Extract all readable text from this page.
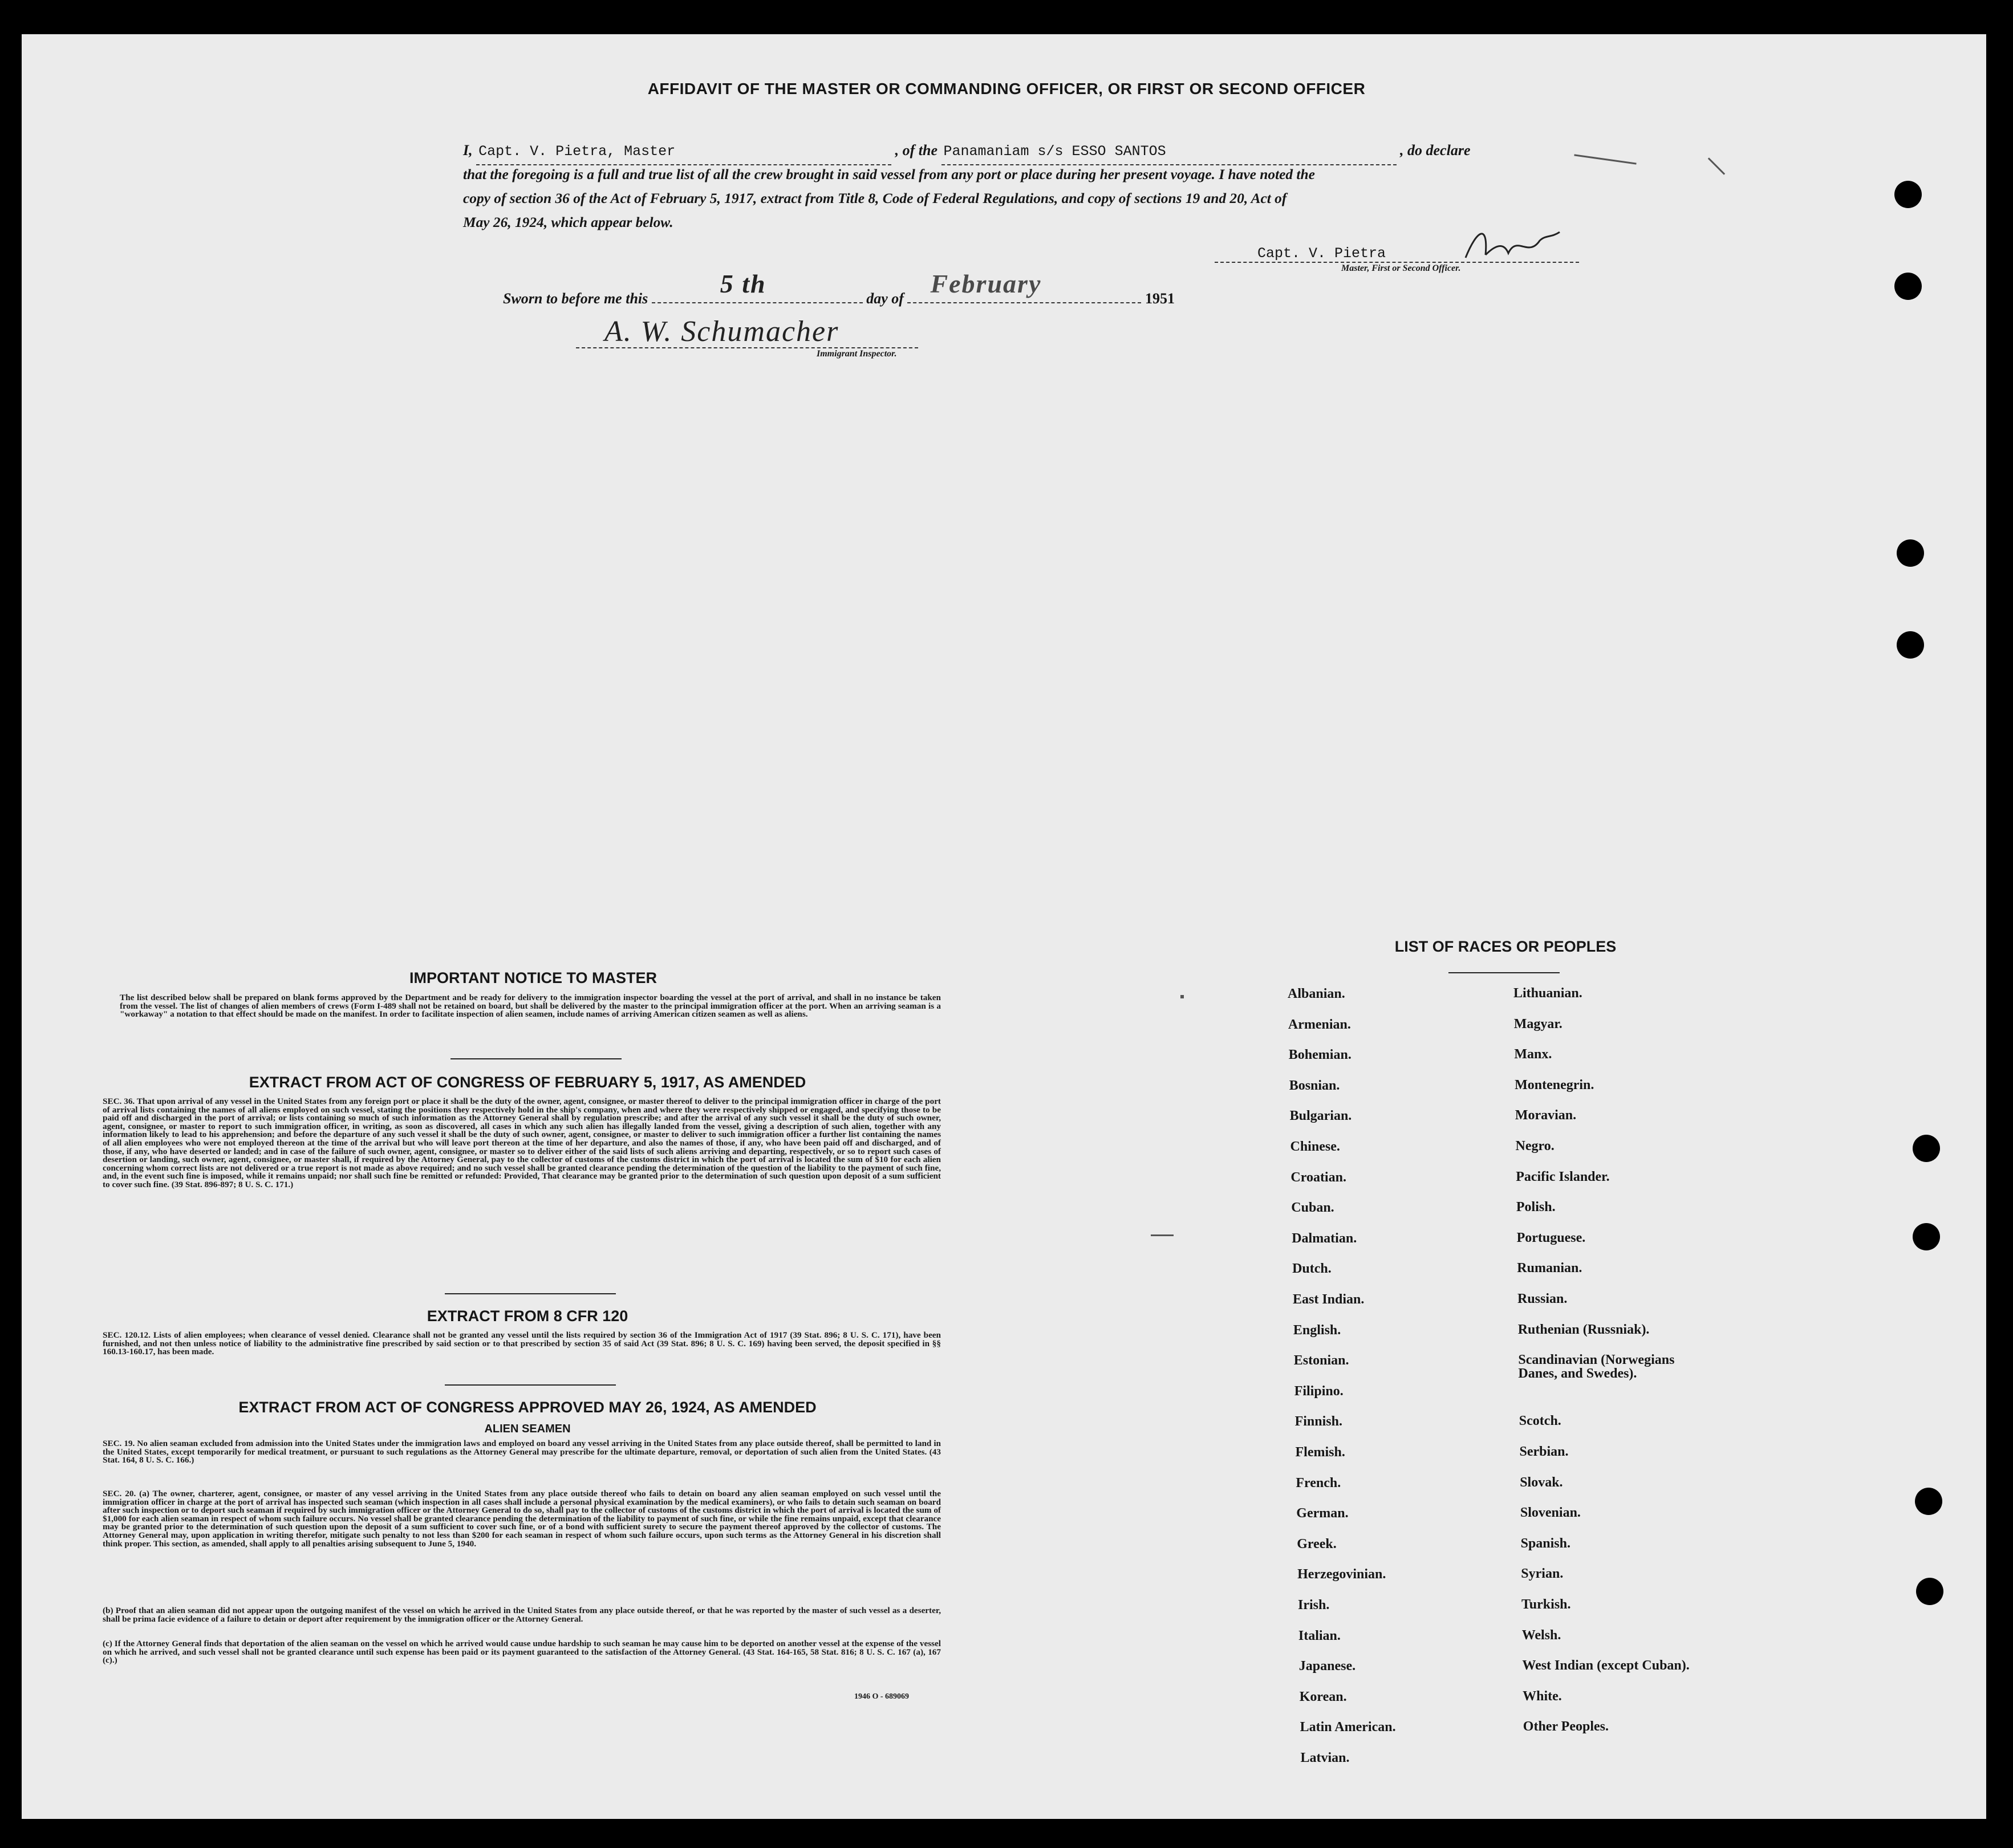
AFFIDAVIT OF THE MASTER OR COMMANDING OFFICER, OR FIRST OR SECOND OFFICER
I, Capt. V. Pietra, Master	, of the Panamaniam s/s ESSO SANTOS	, do declare
that the foregoing is a full and true list of all the crew brought in said vessel from any port or place during her present voyage. I have noted the
copy of section 36 of the Act of February 5, 1917, extract from Title 8, Code of Federal Regulations, and copy of sections 19 and 20, Act of
May 26, 1924, which appear below.
Capt. V. Pietra
Master, First or Second Officer.
Sworn to before me this
5 th
day of
February
1951
A. W. Schumacher
Immigrant Inspector.
IMPORTANT NOTICE TO MASTER
The list described below shall be prepared on blank forms approved by the Department and be ready for delivery to the immigration inspector boarding the vessel at the port of arrival, and shall in no instance be taken from the vessel. The list of changes of alien members of crews (Form I-489 shall not be retained on board, but shall be delivered by the master to the principal immigration officer at the port. When an arriving seaman is a "workaway" a notation to that effect should be made on the manifest. In order to facilitate inspection of alien seamen, include names of arriving American citizen seamen as well as aliens.
EXTRACT FROM ACT OF CONGRESS OF FEBRUARY 5, 1917, AS AMENDED
SEC. 36. That upon arrival of any vessel in the United States from any foreign port or place it shall be the duty of the owner, agent, consignee, or master thereof to deliver to the principal immigration officer in charge of the port of arrival lists containing the names of all aliens employed on such vessel, stating the positions they respectively hold in the ship's company, when and where they were respectively shipped or engaged, and specifying those to be paid off and discharged in the port of arrival; or lists containing so much of such information as the Attorney General shall by regulation prescribe; and after the arrival of any such vessel it shall be the duty of such owner, agent, consignee, or master to report to such immigration officer, in writing, as soon as discovered, all cases in which any such alien has illegally landed from the vessel, giving a description of such alien, together with any information likely to lead to his apprehension; and before the departure of any such vessel it shall be the duty of such owner, agent, consignee, or master to deliver to such immigration officer a further list containing the names of all alien employees who were not employed thereon at the time of the arrival but who will leave port thereon at the time of her departure, and also the names of those, if any, who have been paid off and discharged, and of those, if any, who have deserted or landed; and in case of the failure of such owner, agent, consignee, or master so to deliver either of the said lists of such aliens arriving and departing, respectively, or so to report such cases of desertion or landing, such owner, agent, consignee, or master shall, if required by the Attorney General, pay to the collector of customs of the customs district in which the port of arrival is located the sum of $10 for each alien concerning whom correct lists are not delivered or a true report is not made as above required; and no such vessel shall be granted clearance pending the determination of the question of the liability to the payment of such fine, and, in the event such fine is imposed, while it remains unpaid; nor shall such fine be remitted or refunded: Provided, That clearance may be granted prior to the determination of such question upon deposit of a sum sufficient to cover such fine. (39 Stat. 896-897; 8 U. S. C. 171.)
EXTRACT FROM 8 CFR 120
SEC. 120.12. Lists of alien employees; when clearance of vessel denied. Clearance shall not be granted any vessel until the lists required by section 36 of the Immigration Act of 1917 (39 Stat. 896; 8 U. S. C. 171), have been furnished, and not then unless notice of liability to the administrative fine prescribed by said section or to that prescribed by section 35 of said Act (39 Stat. 896; 8 U. S. C. 169) having been served, the deposit specified in §§ 160.13-160.17, has been made.
EXTRACT FROM ACT OF CONGRESS APPROVED MAY 26, 1924, AS AMENDED
ALIEN SEAMEN
SEC. 19. No alien seaman excluded from admission into the United States under the immigration laws and employed on board any vessel arriving in the United States from any place outside thereof, shall be permitted to land in the United States, except temporarily for medical treatment, or pursuant to such regulations as the Attorney General may prescribe for the ultimate departure, removal, or deportation of such alien from the United States. (43 Stat. 164, 8 U. S. C. 166.)
SEC. 20. (a) The owner, charterer, agent, consignee, or master of any vessel arriving in the United States from any place outside thereof who fails to detain on board any alien seaman employed on such vessel until the immigration officer in charge at the port of arrival has inspected such seaman (which inspection in all cases shall include a personal physical examination by the medical examiners), or who fails to detain such seaman on board after such inspection or to deport such seaman if required by such immigration officer or the Attorney General to do so, shall pay to the collector of customs of the customs district in which the port of arrival is located the sum of $1,000 for each alien seaman in respect of whom such failure occurs. No vessel shall be granted clearance pending the determination of the liability to payment of such fine, or while the fine remains unpaid, except that clearance may be granted prior to the determination of such question upon the deposit of a sum sufficient to cover such fine, or of a bond with sufficient surety to secure the payment thereof approved by the collector of customs. The Attorney General may, upon application in writing therefor, mitigate such penalty to not less than $200 for each seaman in respect of whom such failure occurs, upon such terms as the Attorney General in his discretion shall think proper. This section, as amended, shall apply to all penalties arising subsequent to June 5, 1940.
(b) Proof that an alien seaman did not appear upon the outgoing manifest of the vessel on which he arrived in the United States from any place outside thereof, or that he was reported by the master of such vessel as a deserter, shall be prima facie evidence of a failure to detain or deport after requirement by the immigration officer or the Attorney General.
(c) If the Attorney General finds that deportation of the alien seaman on the vessel on which he arrived would cause undue hardship to such seaman he may cause him to be deported on another vessel at the expense of the vessel on which he arrived, and such vessel shall not be granted clearance until such expense has been paid or its payment guaranteed to the satisfaction of the Attorney General. (43 Stat. 164-165, 58 Stat. 816; 8 U. S. C. 167 (a), 167 (c).)
1946 O - 689069
LIST OF RACES OR PEOPLES
Albanian.
Armenian.
Bohemian.
Bosnian.
Bulgarian.
Chinese.
Croatian.
Cuban.
Dalmatian.
Dutch.
East Indian.
English.
Estonian.
Filipino.
Finnish.
Flemish.
French.
German.
Greek.
Herzegovinian.
Irish.
Italian.
Japanese.
Korean.
Latin American.
Latvian.
Lithuanian.
Magyar.
Manx.
Montenegrin.
Moravian.
Negro.
Pacific Islander.
Polish.
Portuguese.
Rumanian.
Russian.
Ruthenian (Russniak).
Scandinavian (Norwegians
Danes, and Swedes).
Scotch.
Serbian.
Slovak.
Slovenian.
Spanish.
Syrian.
Turkish.
Welsh.
West Indian (except Cuban).
White.
Other Peoples.
